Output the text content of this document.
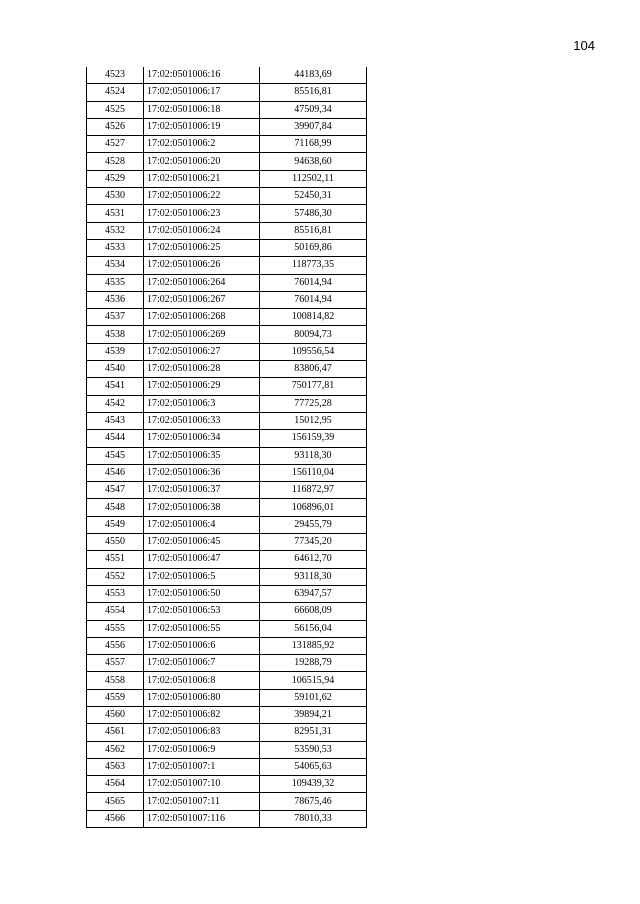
104
4523	17:02:0501006:16	44183,69
4524	17:02:0501006:17	85516,81
4525	17:02:0501006:18	47509,34
4526	17:02:0501006:19	39907,84
4527	17:02:0501006:2	71168,99
4528	17:02:0501006:20	94638,60
4529	17:02:0501006:21	112502,11
4530	17:02:0501006:22	52450,31
4531	17:02:0501006:23	57486,30
4532	17:02:0501006:24	85516,81
4533	17:02:0501006:25	50169,86
4534	17:02:0501006:26	118773,35
4535	17:02:0501006:264	76014,94
4536	17:02:0501006:267	76014,94
4537	17:02:0501006:268	100814,82
4538	17:02:0501006:269	80094,73
4539	17:02:0501006:27	109556,54
4540	17:02:0501006:28	83806,47
4541	17:02:0501006:29	750177,81
4542	17:02:0501006:3	77725,28
4543	17:02:0501006:33	15012,95
4544	17:02:0501006:34	156159,39
4545	17:02:0501006:35	93118,30
4546	17:02:0501006:36	156110,04
4547	17:02:0501006:37	116872,97
4548	17:02:0501006:38	106896,01
4549	17:02:0501006:4	29455,79
4550	17:02:0501006:45	77345,20
4551	17:02:0501006:47	64612,70
4552	17:02:0501006:5	93118,30
4553	17:02:0501006:50	63947,57
4554	17:02:0501006:53	66608,09
4555	17:02:0501006:55	56156,04
4556	17:02:0501006:6	131885,92
4557	17:02:0501006:7	19288,79
4558	17:02:0501006:8	106515,94
4559	17:02:0501006:80	59101,62
4560	17:02:0501006:82	39894,21
4561	17:02:0501006:83	82951,31
4562	17:02:0501006:9	53590,53
4563	17:02:0501007:1	54065,63
4564	17:02:0501007:10	109439,32
4565	17:02:0501007:11	78675,46
4566	17:02:0501007:116	78010,33
